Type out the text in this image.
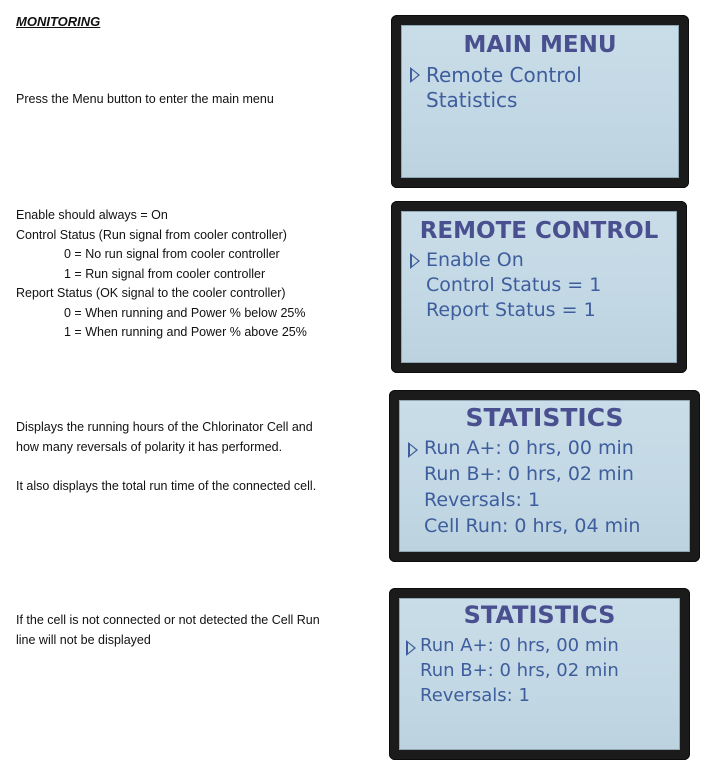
MONITORING
Press the Menu button to enter the main menu
MAIN MENU
Remote Control
Statistics
Enable should always = On
Control Status (Run signal from cooler controller)
0 = No run signal from cooler controller
1 = Run signal from cooler controller
Report Status (OK signal to the cooler controller)
0 = When running and Power % below 25%
1 = When running and Power % above 25%
REMOTE CONTROL
Enable On
Control Status = 1
Report Status = 1
Displays the running hours of the Chlorinator Cell and
how many reversals of polarity it has performed.
It also displays the total run time of the connected cell.
STATISTICS
Run A+: 0 hrs, 00 min
Run B+: 0 hrs, 02 min
Reversals: 1
Cell Run: 0 hrs, 04 min
If the cell is not connected or not detected the Cell Run
line will not be displayed
STATISTICS
Run A+: 0 hrs, 00 min
Run B+: 0 hrs, 02 min
Reversals: 1
